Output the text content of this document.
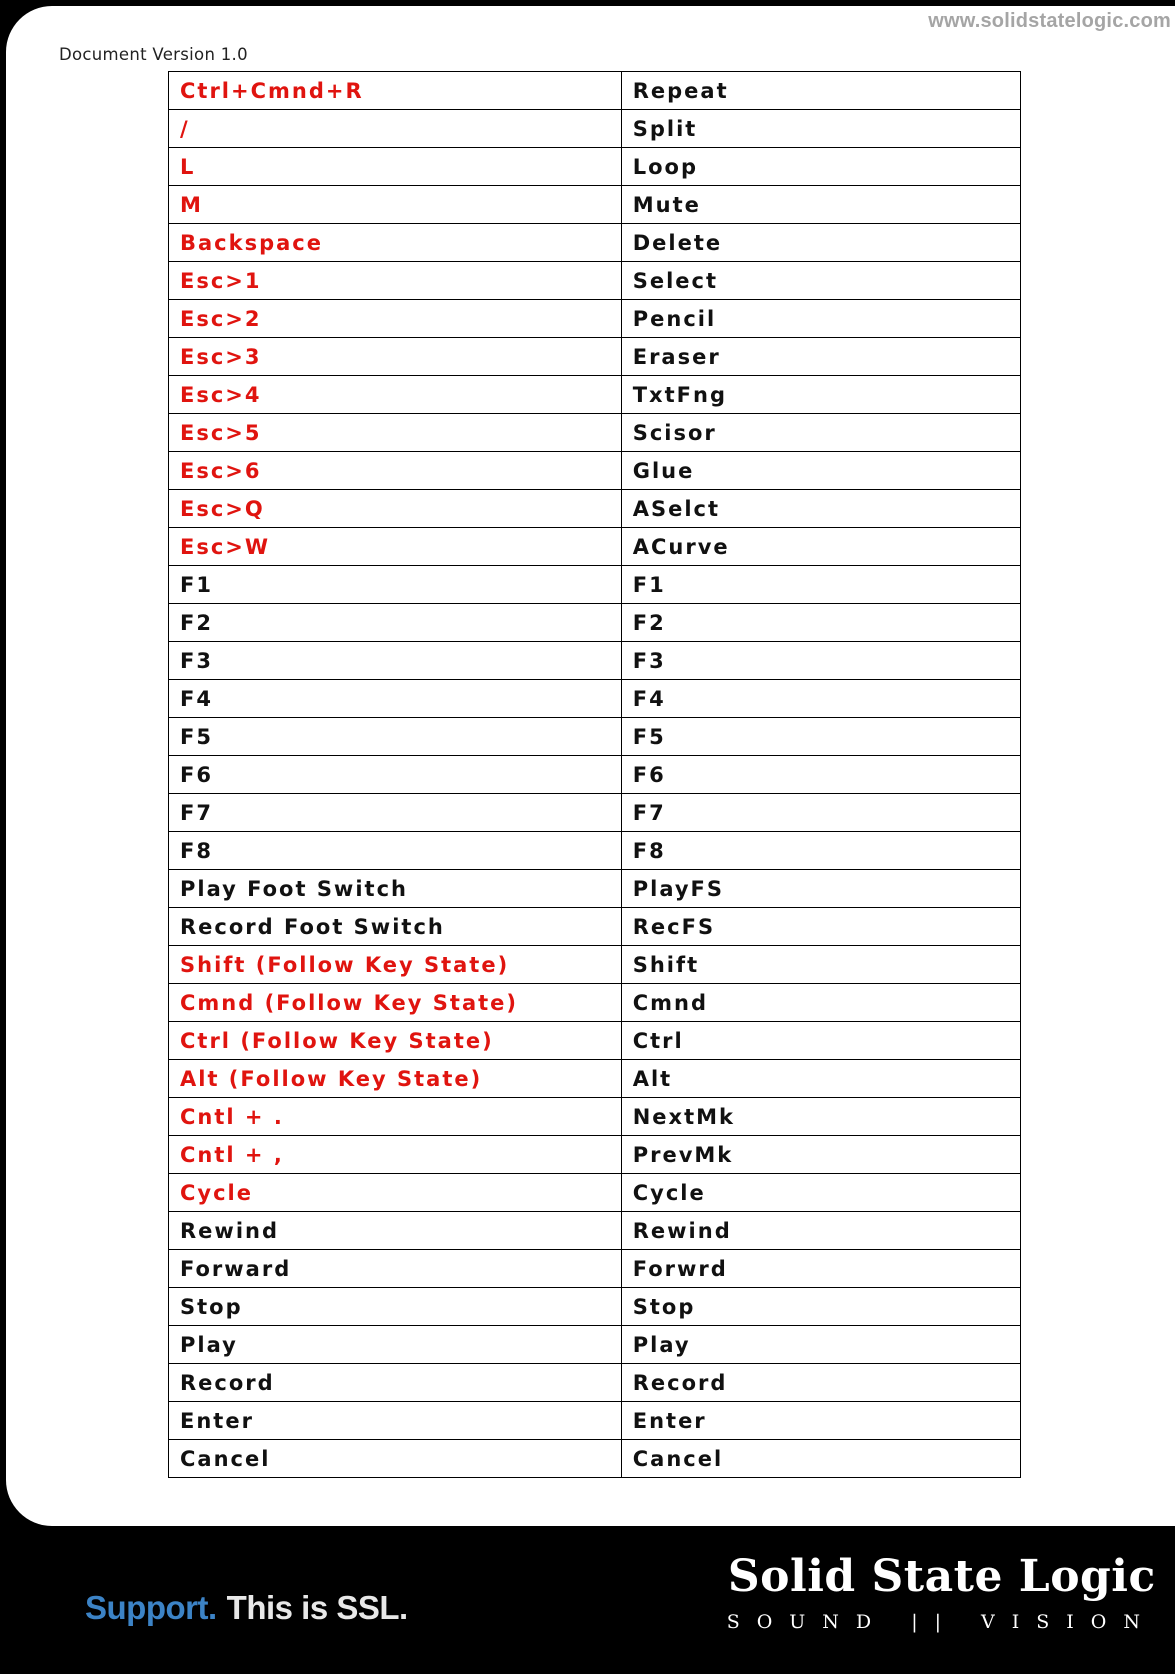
www.solidstatelogic.com
Document Version 1.0
Ctrl+Cmnd+R	Repeat
/	Split
L	Loop
M	Mute
Backspace	Delete
Esc>1	Select
Esc>2	Pencil
Esc>3	Eraser
Esc>4	TxtFng
Esc>5	Scisor
Esc>6	Glue
Esc>Q	ASelct
Esc>W	ACurve
F1	F1
F2	F2
F3	F3
F4	F4
F5	F5
F6	F6
F7	F7
F8	F8
Play Foot Switch	PlayFS
Record Foot Switch	RecFS
Shift (Follow Key State)	Shift
Cmnd (Follow Key State)	Cmnd
Ctrl (Follow Key State)	Ctrl
Alt (Follow Key State)	Alt
Cntl + .	NextMk
Cntl + ,	PrevMk
Cycle	Cycle
Rewind	Rewind
Forward	Forwrd
Stop	Stop
Play	Play
Record	Record
Enter	Enter
Cancel	Cancel
Support. This is SSL.
Solid State Logic
SOUND || VISION
